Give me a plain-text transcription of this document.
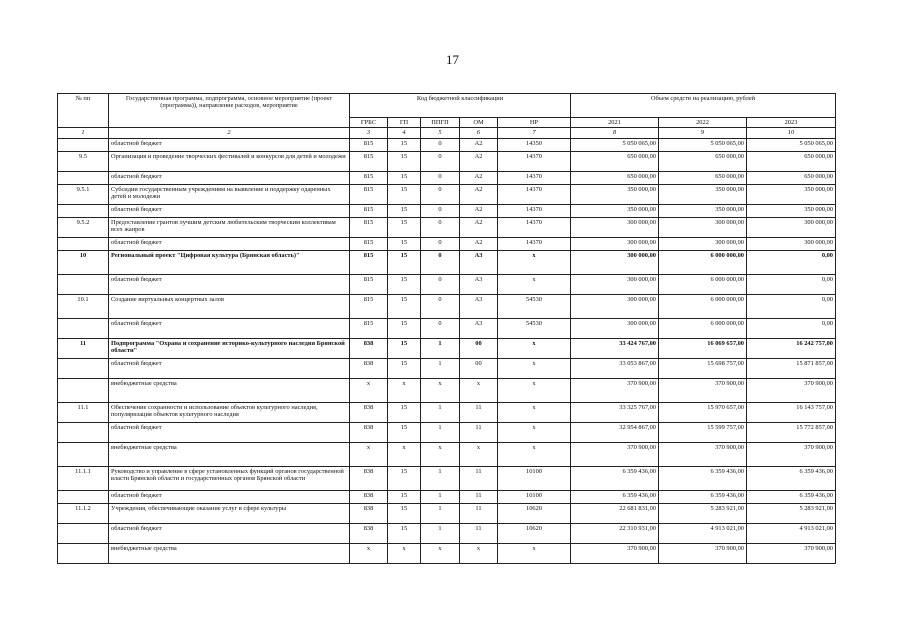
17
№ пп	Государственная программа, подпрограмма, основное мероприятие (проект (программа)), направление расходов, мероприятие	Код бюджетной классификации					Объем средств на реализацию, рублей		
		ГРБС	ГП	ППГП	ОМ	НР	2021	2022	2023
1	2	3	4	5	6	7	8	9	10
	областной бюджет	815	15	0	А2	14350	5 050 065,00	5 050 065,00	5 050 065,00
9.5	Организация и проведение творческих фестивалей и конкурсов для детей и молодежи	815	15	0	А2	14370	650 000,00	650 000,00	650 000,00
	областной бюджет	815	15	0	А2	14370	650 000,00	650 000,00	650 000,00
9.5.1	Субсидии государственным учреждениям на выявление и поддержку одаренных детей и молодежи	815	15	0	А2	14370	350 000,00	350 000,00	350 000,00
	областной бюджет	815	15	0	А2	14370	350 000,00	350 000,00	350 000,00
9.5.2	Предоставление грантов лучшим детским любительским творческим коллективам всех жанров	815	15	0	А2	14370	300 000,00	300 000,00	300 000,00
	областной бюджет	815	15	0	А2	14370	300 000,00	300 000,00	300 000,00
10	Региональный проект "Цифровая культура (Брянская область)"	815	15	0	А3	х	300 000,00	6 000 000,00	0,00
	областной бюджет	815	15	0	А3	х	300 000,00	6 000 000,00	0,00
10.1	Создание виртуальных концертных залов	815	15	0	А3	54530	300 000,00	6 000 000,00	0,00
	областной бюджет	815	15	0	А3	54530	300 000,00	6 000 000,00	0,00
11	Подпрограмма "Охрана и сохранение историко-культурного наследия Брянской области"	838	15	1	00	х	33 424 767,00	16 069 657,00	16 242 757,00
	областной бюджет	838	15	1	00	х	33 053 867,00	15 698 757,00	15 871 857,00
	внебюджетные средства	х	х	х	х	х	370 900,00	370 900,00	370 900,00
11.1	Обеспечение сохранности и использование объектов культурного наследия, популяризация объектов культурного наследия	838	15	1	11	х	33 325 767,00	15 970 657,00	16 143 757,00
	областной бюджет	838	15	1	11	х	32 954 867,00	15 599 757,00	15 772 857,00
	внебюджетные средства	х	х	х	х	х	370 900,00	370 900,00	370 900,00
11.1.1	Руководство и управление в сфере установленных функций органов государственной власти Брянской области и государственных органов Брянской области	838	15	1	11	10100	6 359 436,00	6 359 436,00	6 359 436,00
	областной бюджет	838	15	1	11	10100	6 359 436,00	6 359 436,00	6 359 436,00
11.1.2	Учреждения, обеспечивающие оказание услуг в сфере культуры	838	15	1	11	10620	22 681 831,00	5 283 921,00	5 283 921,00
	областной бюджет	838	15	1	11	10620	22 310 931,00	4 913 021,00	4 913 021,00
	внебюджетные средства	х	х	х	х	х	370 900,00	370 900,00	370 900,00
